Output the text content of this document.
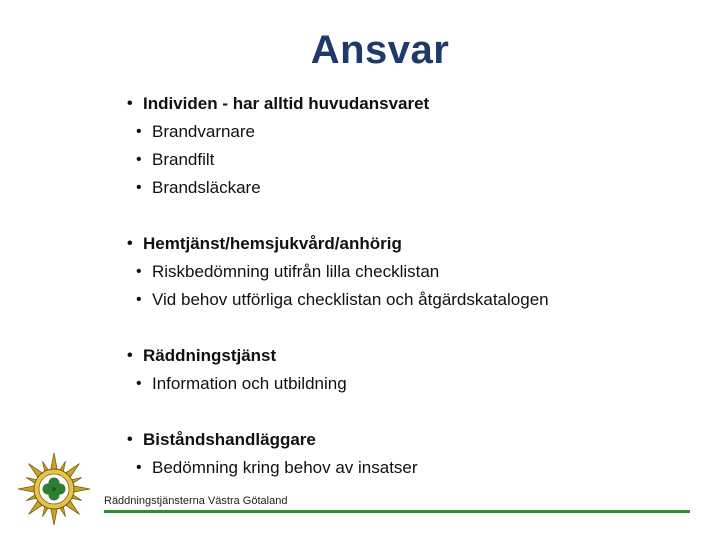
Ansvar
• Individen - har alltid huvudansvaret
• Brandvarnare
• Brandfilt
• Brandsläckare
• Hemtjänst/hemsjukvård/anhörig
• Riskbedömning utifrån lilla checklistan
• Vid behov utförliga checklistan och åtgärdskatalogen
• Räddningstjänst
• Information och utbildning
• Biståndshandläggare
• Bedömning kring behov av insatser
Räddningstjänsterna Västra Götaland
